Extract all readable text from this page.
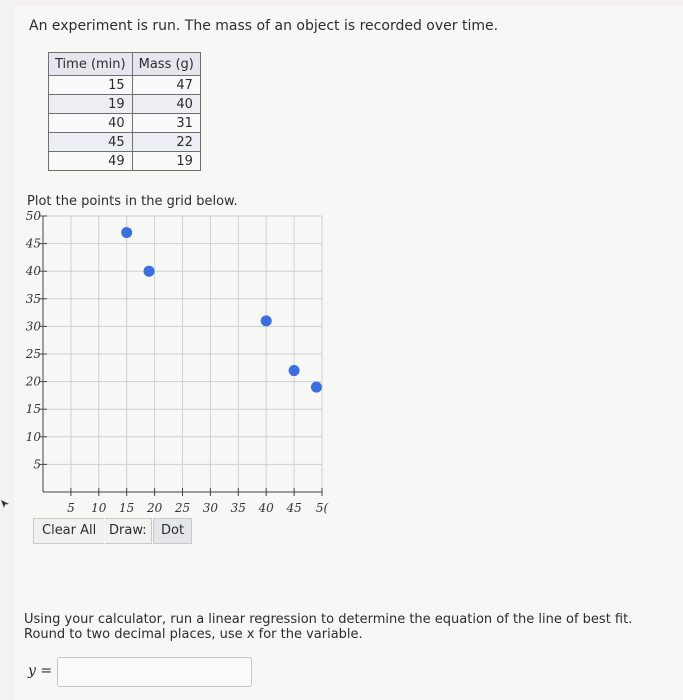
An experiment is run. The mass of an object is recorded over time.
Time (min)	Mass (g)
15	47
19	40
40	31
45	22
49	19
Plot the points in the grid below.
5
10
15
20
25
30
35
40
45
50
5 10 15 20 25 30 35 40 45 5(
Clear All Draw:	Dot
Using your calculator, run a linear regression to determine the equation of the line of best fit. Round to two decimal places, use x for the variable.
y =
